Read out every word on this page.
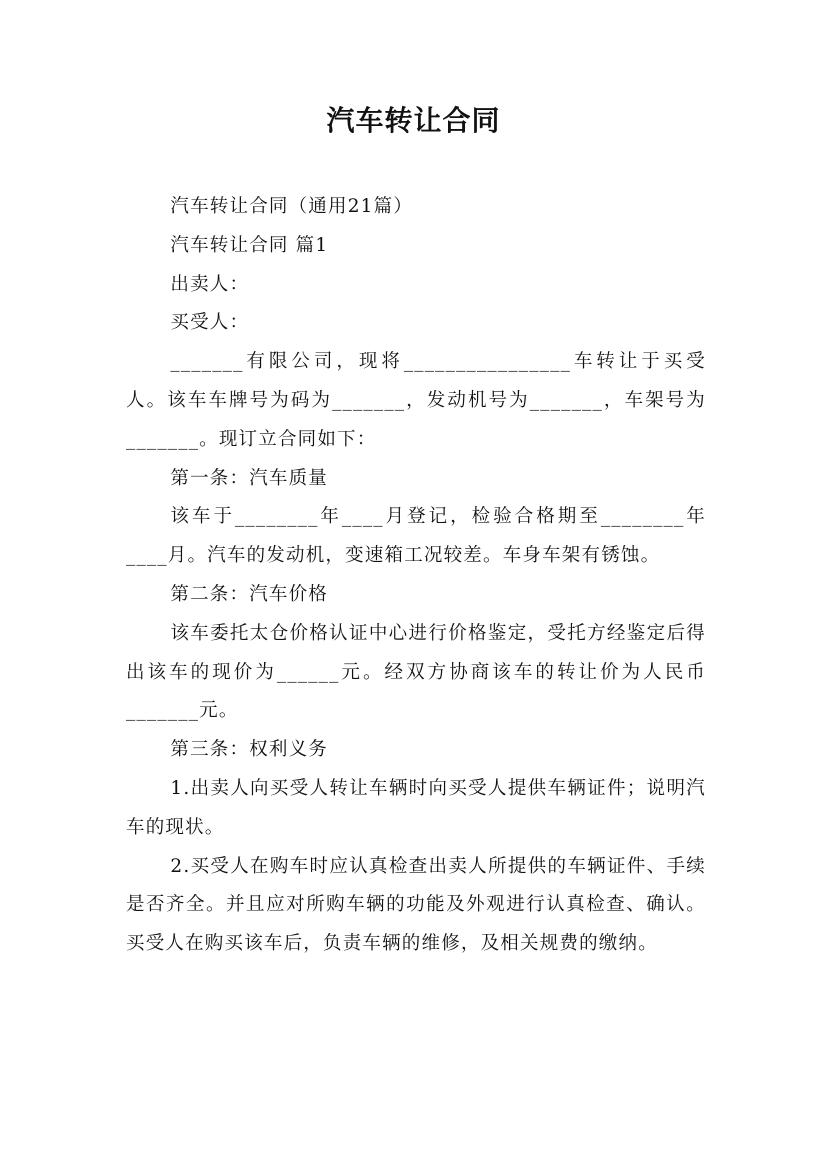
汽车转让合同

汽车转让合同（通用21篇）

汽车转让合同 篇1

出卖人：

买受人：

_______有限公司，现将________________车转让于买受人。该车车牌号为码为_______，发动机号为_______，车架号为_______。现订立合同如下：

第一条：汽车质量

该车于________年____月登记，检验合格期至________年____月。汽车的发动机，变速箱工况较差。车身车架有锈蚀。

第二条：汽车价格

该车委托太仓价格认证中心进行价格鉴定，受托方经鉴定后得出该车的现价为______元。经双方协商该车的转让价为人民币_______元。

第三条：权利义务

1.出卖人向买受人转让车辆时向买受人提供车辆证件；说明汽车的现状。

2.买受人在购车时应认真检查出卖人所提供的车辆证件、手续是否齐全。并且应对所购车辆的功能及外观进行认真检查、确认。买受人在购买该车后，负责车辆的维修，及相关规费的缴纳。
